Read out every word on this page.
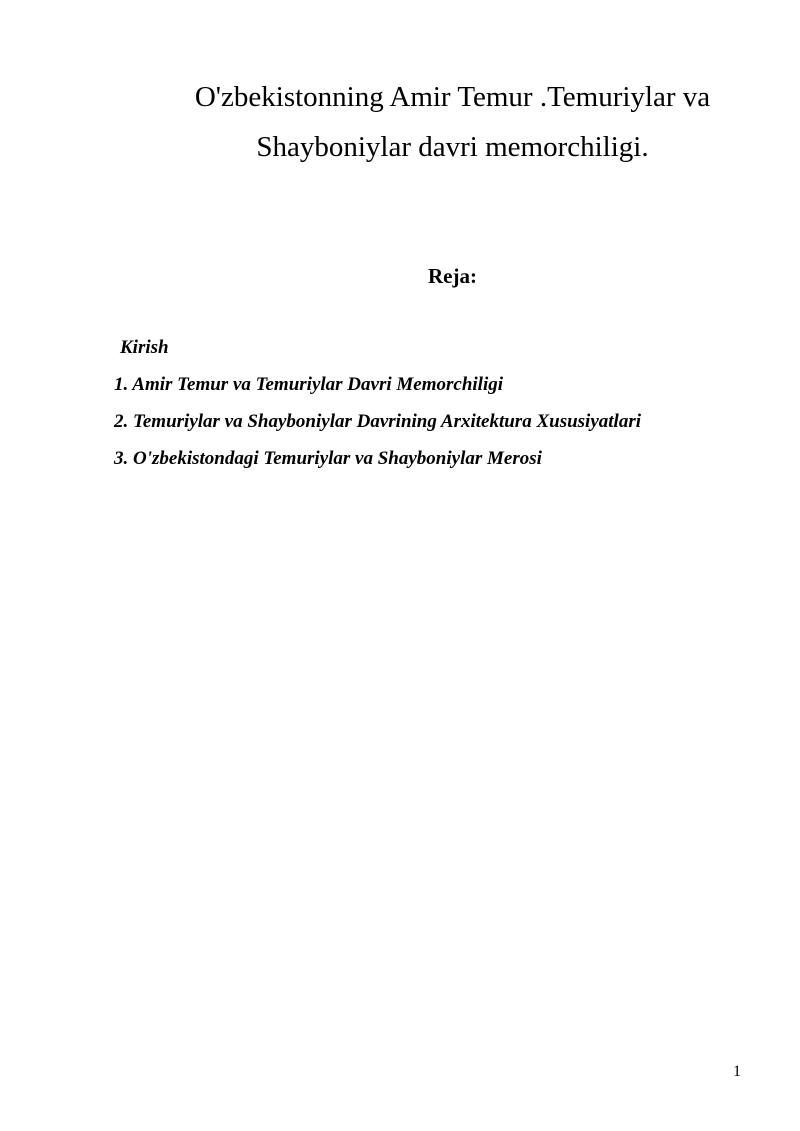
O'zbekistonning Amir Temur .Temuriylar va
Shayboniylar davri memorchiligi.
Reja:
Kirish
1. Amir Temur va Temuriylar Davri Memorchiligi
2. Temuriylar va Shayboniylar Davrining Arxitektura Xususiyatlari
3. O'zbekistondagi Temuriylar va Shayboniylar Merosi
1
